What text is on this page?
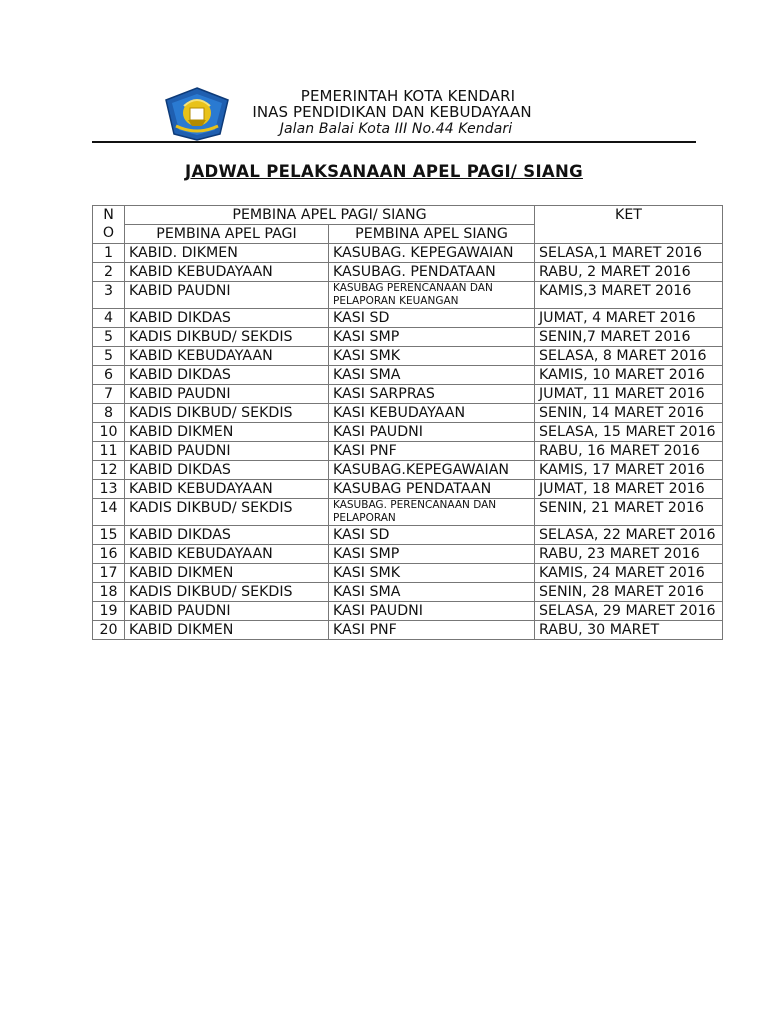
PEMERINTAH KOTA KENDARI
INAS PENDIDIKAN DAN KEBUDAYAAN
Jalan Balai Kota III No.44 Kendari
JADWAL PELAKSANAAN APEL PAGI/ SIANG
N O	PEMBINA APEL PAGI/ SIANG		KET
	PEMBINA APEL PAGI	PEMBINA APEL SIANG	
1	KABID. DIKMEN	KASUBAG. KEPEGAWAIAN	SELASA,1 MARET 2016
2	KABID KEBUDAYAAN	KASUBAG. PENDATAAN	RABU, 2 MARET 2016
3	KABID PAUDNI	KASUBAG PERENCANAAN DAN PELAPORAN KEUANGAN	KAMIS,3 MARET 2016
4	KABID DIKDAS	KASI SD	JUMAT, 4 MARET 2016
5	KADIS DIKBUD/ SEKDIS	KASI SMP	SENIN,7 MARET 2016
5	KABID KEBUDAYAAN	KASI SMK	SELASA, 8 MARET 2016
6	KABID DIKDAS	KASI SMA	KAMIS, 10 MARET 2016
7	KABID PAUDNI	KASI SARPRAS	JUMAT, 11 MARET 2016
8	KADIS DIKBUD/ SEKDIS	KASI KEBUDAYAAN	SENIN, 14 MARET 2016
10	KABID DIKMEN	KASI PAUDNI	SELASA, 15 MARET 2016
11	KABID PAUDNI	KASI PNF	RABU, 16 MARET 2016
12	KABID DIKDAS	KASUBAG.KEPEGAWAIAN	KAMIS, 17 MARET 2016
13	KABID KEBUDAYAAN	KASUBAG PENDATAAN	JUMAT, 18 MARET 2016
14	KADIS DIKBUD/ SEKDIS	KASUBAG. PERENCANAAN DAN PELAPORAN	SENIN, 21 MARET 2016
15	KABID DIKDAS	KASI SD	SELASA, 22 MARET 2016
16	KABID KEBUDAYAAN	KASI SMP	RABU, 23 MARET 2016
17	KABID DIKMEN	KASI SMK	KAMIS, 24 MARET 2016
18	KADIS DIKBUD/ SEKDIS	KASI SMA	SENIN, 28 MARET 2016
19	KABID PAUDNI	KASI PAUDNI	SELASA, 29 MARET 2016
20	KABID DIKMEN	KASI PNF	RABU, 30 MARET
